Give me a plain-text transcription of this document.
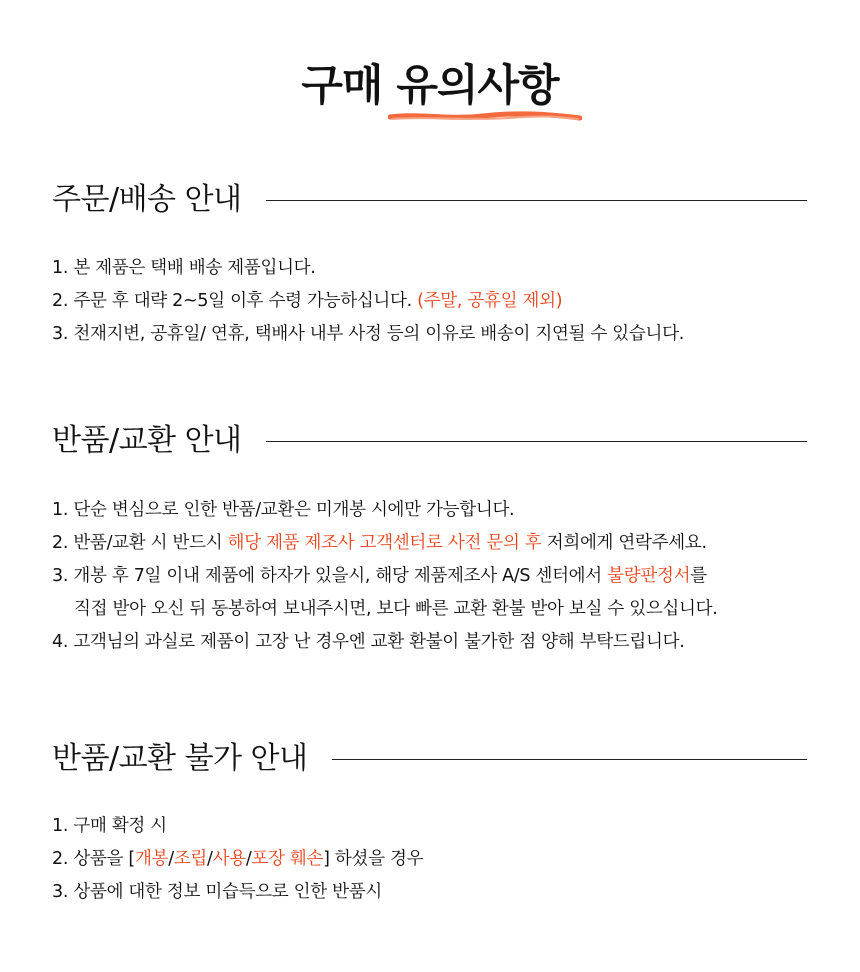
구매 유의사항
주문/배송 안내
1. 본 제품은 택배 배송 제품입니다.
2. 주문 후 대략 2~5일 이후 수령 가능하십니다. (주말, 공휴일 제외)
3. 천재지변, 공휴일/ 연휴, 택배사 내부 사정 등의 이유로 배송이 지연될 수 있습니다.
반품/교환 안내
1. 단순 변심으로 인한 반품/교환은 미개봉 시에만 가능합니다.
2. 반품/교환 시 반드시 해당 제품 제조사 고객센터로 사전 문의 후 저희에게 연락주세요.
3. 개봉 후 7일 이내 제품에 하자가 있을시, 해당 제품제조사 A/S 센터에서 불량판정서를
직접 받아 오신 뒤 동봉하여 보내주시면, 보다 빠른 교환 환불 받아 보실 수 있으십니다.
4. 고객님의 과실로 제품이 고장 난 경우엔 교환 환불이 불가한 점 양해 부탁드립니다.
반품/교환 불가 안내
1. 구매 확정 시
2. 상품을 [개봉/조립/사용/포장 훼손] 하셨을 경우
3. 상품에 대한 정보 미습득으로 인한 반품시
